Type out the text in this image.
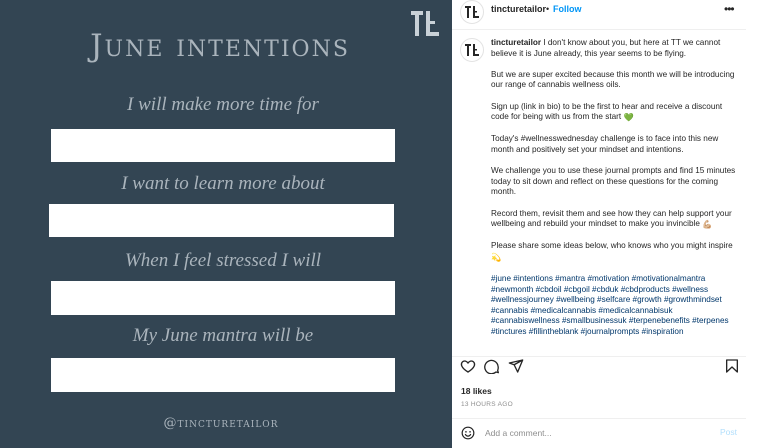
June intentions
I will make more time for
I want to learn more about
When I feel stressed I will
My June mantra will be
@tincturetailor
tincturetailor • Follow	•••

tincturetailor I don't know about you, but here at TT we cannot believe it is June already, this year seems to be flying.

But we are super excited because this month we will be introducing our range of cannabis wellness oils.

Sign up (link in bio) to be the first to hear and receive a discount code for being with us from the start 💚

Today's #wellnesswednesday challenge is to face into this new month and positively set your mindset and intentions.

We challenge you to use these journal prompts and find 15 minutes today to sit down and reflect on these questions for the coming month.

Record them, revisit them and see how they can help support your wellbeing and rebuild your mindset to make you invincible 💪🏼

Please share some ideas below, who knows who you might inspire 💫

#june #intentions #mantra #motivation #motivationalmantra #newmonth #cbdoil #cbgoil #cbduk #cbdproducts #wellness #wellnessjourney #wellbeing #selfcare #growth #growthmindset #cannabis #medicalcannabis #medicalcannabisuk #cannabiswellness #smallbusinessuk #terpenebenefits #terpenes #tinctures #fillintheblank #journalprompts #inspiration

18 likes
13 HOURS AGO
Add a comment...
Post
